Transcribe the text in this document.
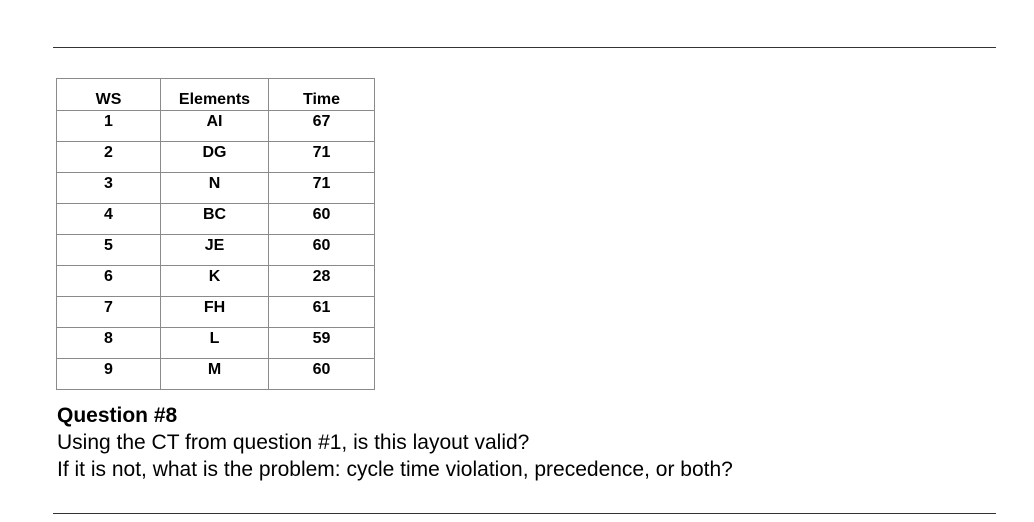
WS	Elements	Time
1	AI	67
2	DG	71
3	N	71
4	BC	60
5	JE	60
6	K	28
7	FH	61
8	L	59
9	M	60
Question #8
Using the CT from question #1, is this layout valid?
If it is not, what is the problem: cycle time violation, precedence, or both?
